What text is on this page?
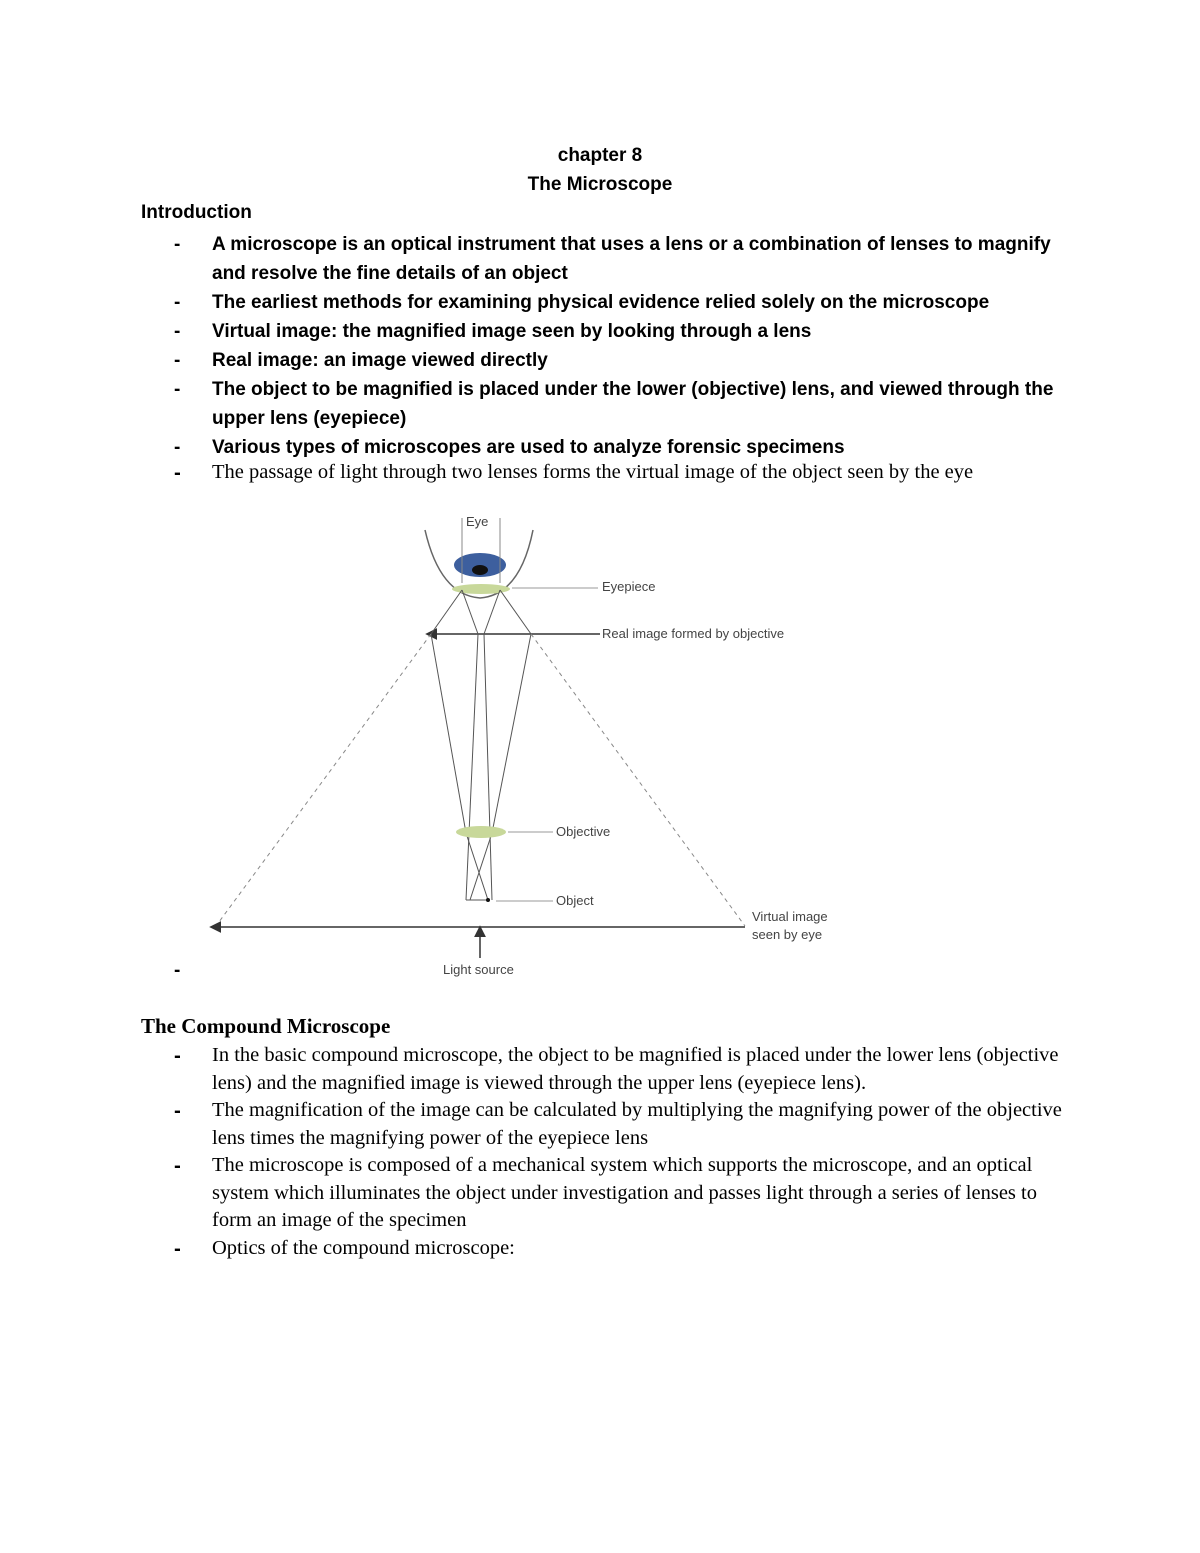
chapter 8
The Microscope
Introduction
- A microscope is an optical instrument that uses a lens or a combination of lenses to magnify and resolve the fine details of an object
- The earliest methods for examining physical evidence relied solely on the microscope
- Virtual image: the magnified image seen by looking through a lens
- Real image: an image viewed directly
- The object to be magnified is placed under the lower (objective) lens, and viewed through the upper lens (eyepiece)
- Various types of microscopes are used to analyze forensic specimens
- The passage of light through two lenses forms the virtual image of the object seen by the eye
Eyepiece
Real image formed by objective
Objective
Object
Virtual image
seen by eye
Light source
Eye
-
The Compound Microscope
- In the basic compound microscope, the object to be magnified is placed under the lower lens (objective lens) and the magnified image is viewed through the upper lens (eyepiece lens).
- The magnification of the image can be calculated by multiplying the magnifying power of the objective lens times the magnifying power of the eyepiece lens
- The microscope is composed of a mechanical system which supports the microscope, and an optical system which illuminates the object under investigation and passes light through a series of lenses to form an image of the specimen
- Optics of the compound microscope:
